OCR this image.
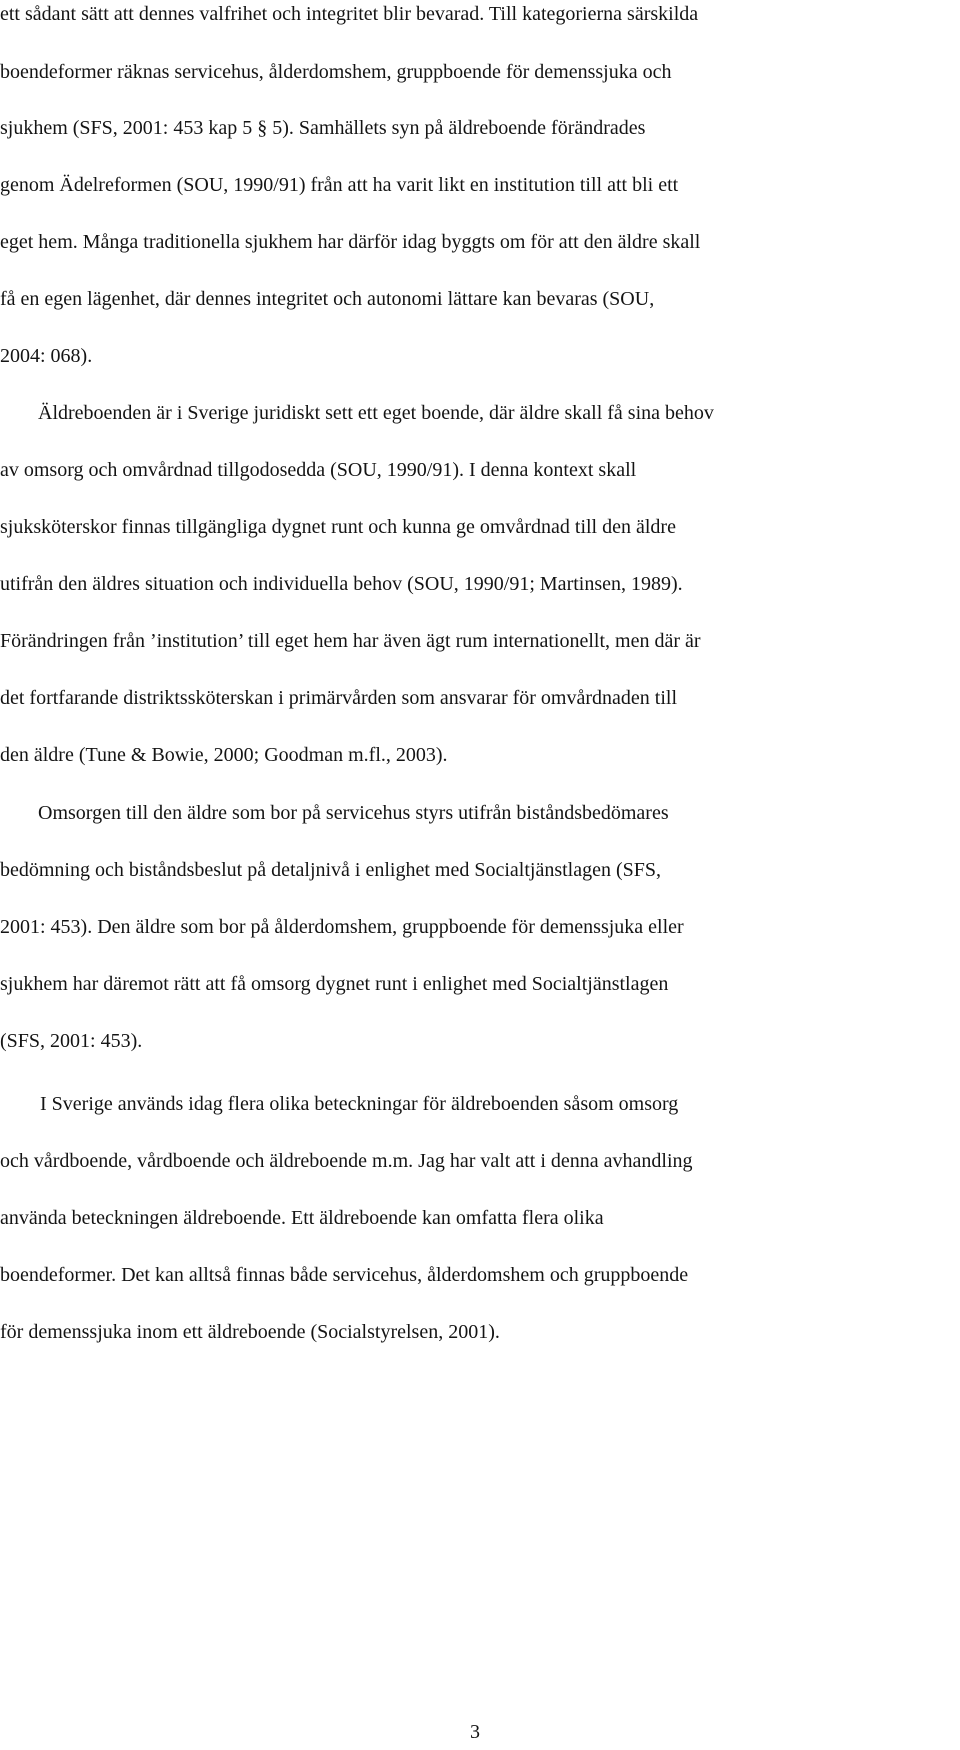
ett sådant sätt att dennes valfrihet och integritet blir bevarad. Till kategorierna särskilda

boendeformer räknas servicehus, ålderdomshem, gruppboende för demenssjuka och

sjukhem (SFS, 2001: 453 kap 5 § 5). Samhällets syn på äldreboende förändrades

genom Ädelreformen (SOU, 1990/91) från att ha varit likt en institution till att bli ett

eget hem. Många traditionella sjukhem har därför idag byggts om för att den äldre skall

få en egen lägenhet, där dennes integritet och autonomi lättare kan bevaras (SOU,

2004: 068).

Äldreboenden är i Sverige juridiskt sett ett eget boende, där äldre skall få sina behov

av omsorg och omvårdnad tillgodosedda (SOU, 1990/91). I denna kontext skall

sjuksköterskor finnas tillgängliga dygnet runt och kunna ge omvårdnad till den äldre

utifrån den äldres situation och individuella behov (SOU, 1990/91; Martinsen, 1989).

Förändringen från ’institution’ till eget hem har även ägt rum internationellt, men där är

det fortfarande distriktssköterskan i primärvården som ansvarar för omvårdnaden till

den äldre (Tune & Bowie, 2000; Goodman m.fl., 2003).

Omsorgen till den äldre som bor på servicehus styrs utifrån biståndsbedömares

bedömning och biståndsbeslut på detaljnivå i enlighet med Socialtjänstlagen (SFS,

2001: 453). Den äldre som bor på ålderdomshem, gruppboende för demenssjuka eller

sjukhem har däremot rätt att få omsorg dygnet runt i enlighet med Socialtjänstlagen

(SFS, 2001: 453).

I Sverige används idag flera olika beteckningar för äldreboenden såsom omsorg

och vårdboende, vårdboende och äldreboende m.m. Jag har valt att i denna avhandling

använda beteckningen äldreboende. Ett äldreboende kan omfatta flera olika

boendeformer. Det kan alltså finnas både servicehus, ålderdomshem och gruppboende

för demenssjuka inom ett äldreboende (Socialstyrelsen, 2001).

3
